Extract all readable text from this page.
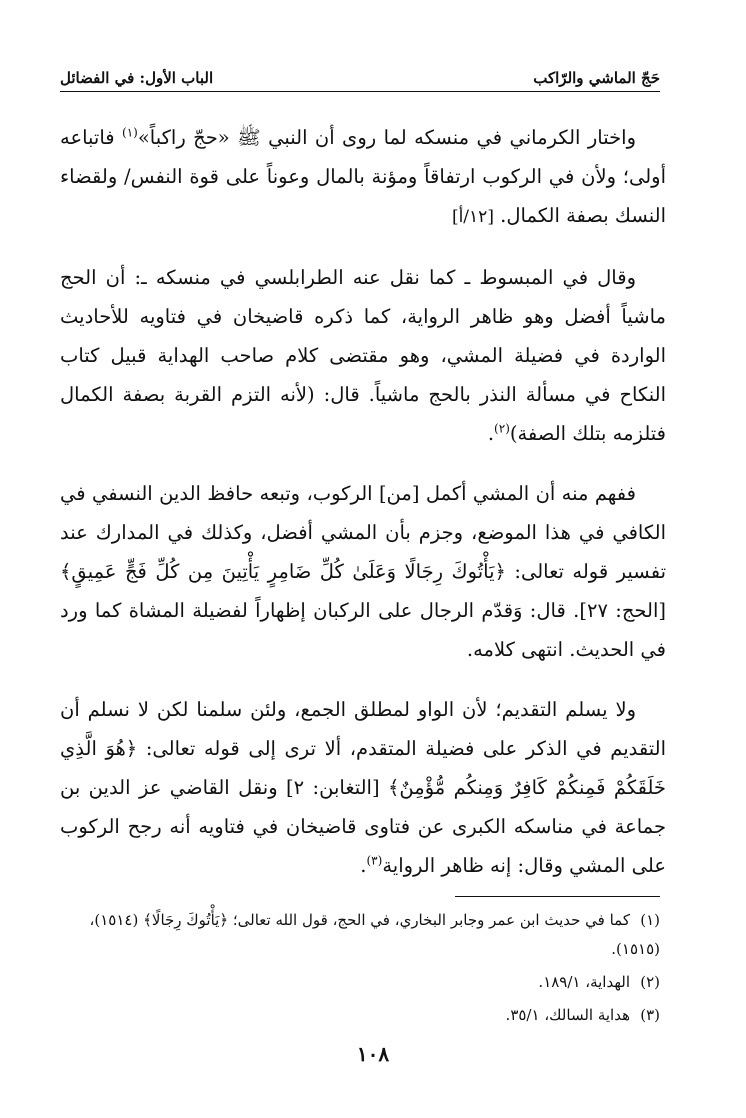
حَجّ الماشي والرّاكب
الباب الأول: في الفضائل

واختار الكرماني في منسكه لما روى أن النبي ﷺ «حجّ راكباً»$^{(١)}$ فاتباعه أولى؛ ولأن في الركوب ارتفاقاً ومؤنة بالمال وعوناً على قوة النفس/ ولقضاء النسك بصفة الكمال. [١٢/أ]

وقال في المبسوط ـ كما نقل عنه الطرابلسي في منسكه ـ: أن الحج ماشياً أفضل وهو ظاهر الرواية، كما ذكره قاضيخان في فتاويه للأحاديث الواردة في فضيلة المشي، وهو مقتضى كلام صاحب الهداية قبيل كتاب النكاح في مسألة النذر بالحج ماشياً. قال: (لأنه التزم القربة بصفة الكمال فتلزمه بتلك الصفة)$^{(٢)}$.

ففهم منه أن المشي أكمل [من] الركوب، وتبعه حافظ الدين النسفي في الكافي في هذا الموضع، وجزم بأن المشي أفضل، وكذلك في المدارك عند تفسير قوله تعالى: ﴿يَأْتُوكَ رِجَالًا وَعَلَىٰ كُلِّ ضَامِرٍ يَأْتِينَ مِن كُلِّ فَجٍّ عَمِيقٍ﴾ [الحج: ٢٧]. قال: وَقدّم الرجال على الركبان إظهاراً لفضيلة المشاة كما ورد في الحديث. انتهى كلامه.

ولا يسلم التقديم؛ لأن الواو لمطلق الجمع، ولئن سلمنا لكن لا نسلم أن التقديم في الذكر على فضيلة المتقدم، ألا ترى إلى قوله تعالى: ﴿هُوَ الَّذِي خَلَقَكُمْ فَمِنكُمْ كَافِرٌ وَمِنكُم مُّؤْمِنٌ﴾ [التغابن: ٢] ونقل القاضي عز الدين بن جماعة في مناسكه الكبرى عن فتاوى قاضيخان في فتاويه أنه رجح الركوب على المشي وقال: إنه ظاهر الرواية$^{(٣)}$.

(١)كما في حديث ابن عمر وجابر البخاري، في الحج، قول الله تعالى؛ ﴿يَأْتُوكَ رِجَالًا﴾ (١٥١٤)، (١٥١٥).

(٢)الهداية، ١٨٩/١.

(٣)هداية السالك، ٣٥/١.

١٠٨
